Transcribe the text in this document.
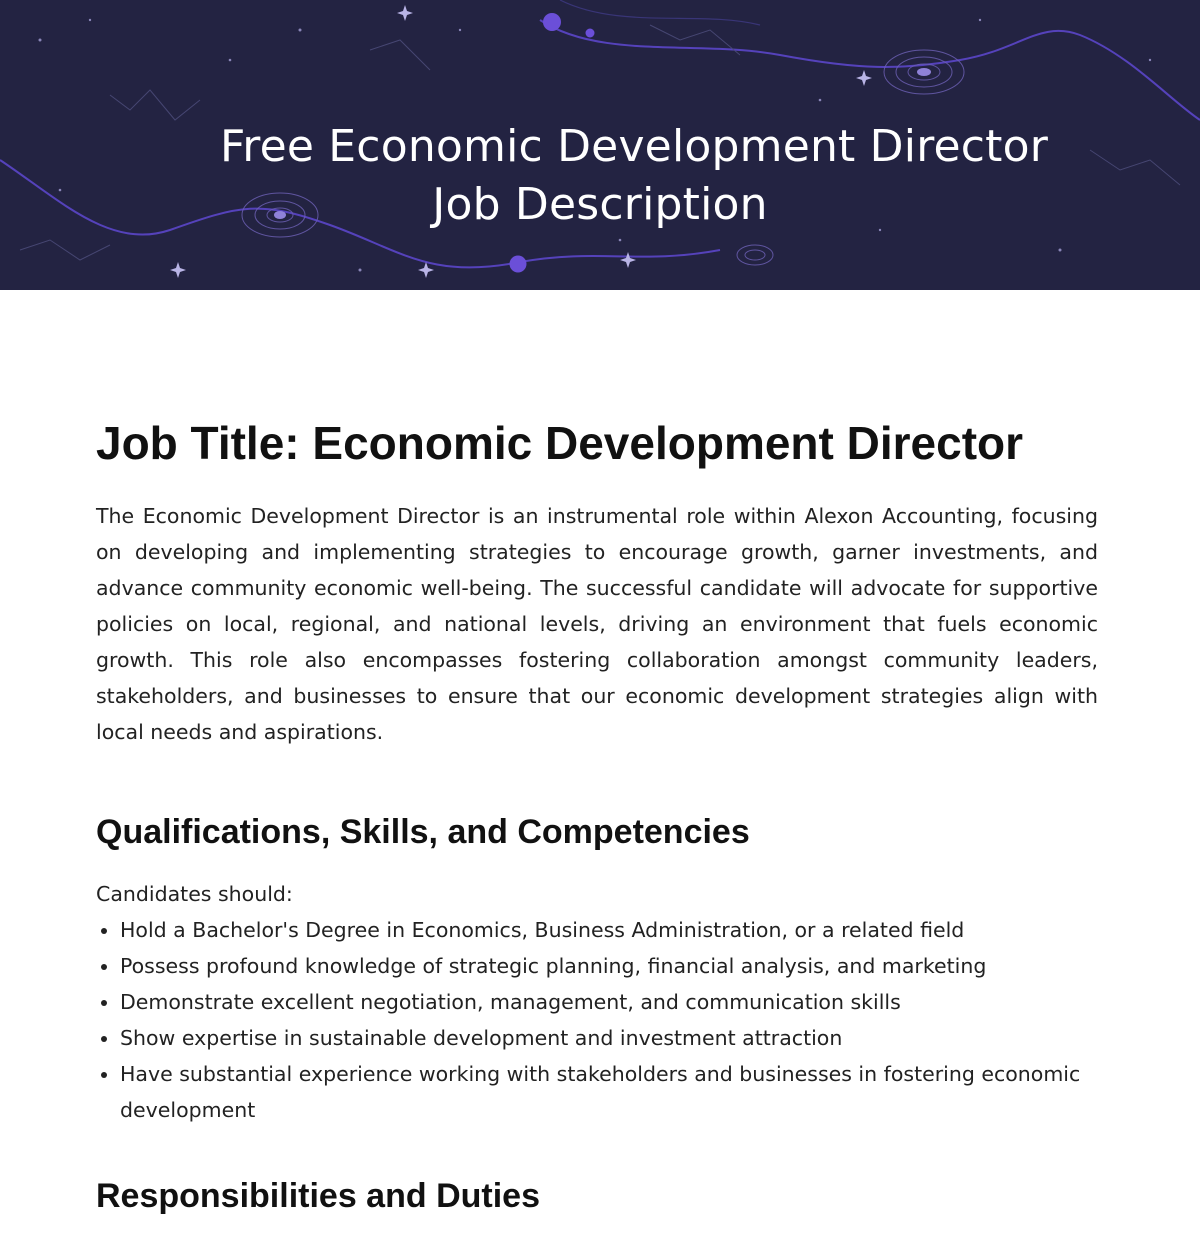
Free Economic Development Director
Job Description
Job Title: Economic Development Director

The Economic Development Director is an instrumental role within Alexon Accounting, focusing on developing and implementing strategies to encourage growth, garner investments, and advance community economic well-being. The successful candidate will advocate for supportive policies on local, regional, and national levels, driving an environment that fuels economic growth. This role also encompasses fostering collaboration amongst community leaders, stakeholders, and businesses to ensure that our economic development strategies align with local needs and aspirations.

Qualifications, Skills, and Competencies

Candidates should:

• Hold a Bachelor's Degree in Economics, Business Administration, or a related field
• Possess profound knowledge of strategic planning, financial analysis, and marketing
• Demonstrate excellent negotiation, management, and communication skills
• Show expertise in sustainable development and investment attraction
• Have substantial experience working with stakeholders and businesses in fostering economic development
Responsibilities and Duties
